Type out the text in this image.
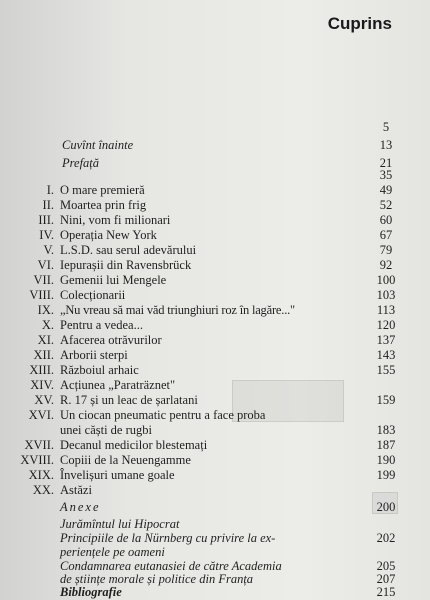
Cuprins
5
Cuvînt înainte	13
Prefață	21
35
I. O mare premieră	49
II. Moartea prin frig	52
III. Nini, vom fi milionari	60
IV. Operația New York	67
V. L.S.D. sau serul adevărului	79
VI. Iepurașii din Ravensbrück	92
VII. Gemenii lui Mengele	100
VIII. Colecționarii	103
IX. „Nu vreau să mai văd triunghiuri roz în lagăre..."	113
X. Pentru a vedea...	120
XI. Afacerea otrăvurilor	137
XII. Arborii sterpi	143
XIII. Războiul arhaic	155
XIV. Acțiunea „Paraträznet"
XV. R. 17 și un leac de șarlatani	159
XVI. Un ciocan pneumatic pentru a face proba
unei căști de rugbi	183
XVII. Decanul medicilor blestemați	187
XVIII. Copiii de la Neuengamme	190
XIX. Învelișuri umane goale	199
XX. Astăzi
Anexe	200
Jurămîntul lui Hipocrat
Principiile de la Nürnberg cu privire la ex-	202
periențele pe oameni
Condamnarea eutanasiei de către Academia	205
de științe morale și politice din Franța	207
Bibliografie	215
